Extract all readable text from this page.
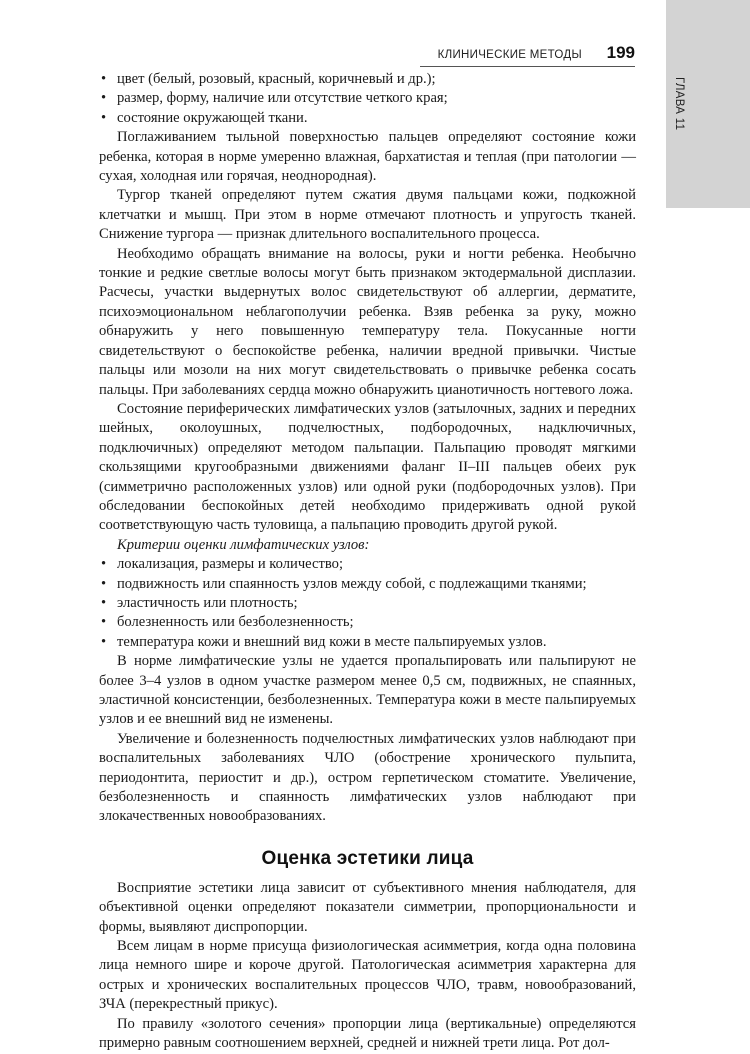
ГЛАВА 11
КЛИНИЧЕСКИЕ МЕТОДЫ 199
• цвет (белый, розовый, красный, коричневый и др.);
• размер, форму, наличие или отсутствие четкого края;
• состояние окружающей ткани.

Поглаживанием тыльной поверхностью пальцев определяют состояние кожи ребенка, которая в норме умеренно влажная, бархатистая и теплая (при патологии — сухая, холодная или горячая, неоднородная).

Тургор тканей определяют путем сжатия двумя пальцами кожи, подкожной клетчатки и мышц. При этом в норме отмечают плотность и упругость тканей. Снижение тургора — признак длительного воспалительного процесса.

Необходимо обращать внимание на волосы, руки и ногти ребенка. Необычно тонкие и редкие светлые волосы могут быть признаком эктодермальной дисплазии. Расчесы, участки выдернутых волос свидетельствуют об аллергии, дерматите, психоэмоциональном неблагополучии ребенка. Взяв ребенка за руку, можно обнаружить у него повышенную температуру тела. Покусанные ногти свидетельствуют о беспокойстве ребенка, наличии вредной привычки. Чистые пальцы или мозоли на них могут свидетельствовать о привычке ребенка сосать пальцы. При заболеваниях сердца можно обнаружить цианотичность ногтевого ложа.

Состояние периферических лимфатических узлов (затылочных, задних и передних шейных, околоушных, подчелюстных, подбородочных, надключичных, подключичных) определяют методом пальпации. Пальпацию проводят мягкими скользящими кругообразными движениями фаланг II–III пальцев обеих рук (симметрично расположенных узлов) или одной руки (подбородочных узлов). При обследовании беспокойных детей необходимо придерживать одной рукой соответствующую часть туловища, а пальпацию проводить другой рукой.

Критерии оценки лимфатических узлов:

• локализация, размеры и количество;
• подвижность или спаянность узлов между собой, с подлежащими тканями;
• эластичность или плотность;
• болезненность или безболезненность;
• температура кожи и внешний вид кожи в месте пальпируемых узлов.

В норме лимфатические узлы не удается пропальпировать или пальпируют не более 3–4 узлов в одном участке размером менее 0,5 см, подвижных, не спаянных, эластичной консистенции, безболезненных. Температура кожи в месте пальпируемых узлов и ее внешний вид не изменены.

Увеличение и болезненность подчелюстных лимфатических узлов наблюдают при воспалительных заболеваниях ЧЛО (обострение хронического пульпита, периодонтита, периостит и др.), остром герпетическом стоматите. Увеличение, безболезненность и спаянность лимфатических узлов наблюдают при злокачественных новообразованиях.

Оценка эстетики лица

Восприятие эстетики лица зависит от субъективного мнения наблюдателя, для объективной оценки определяют показатели симметрии, пропорциональности и формы, выявляют диспропорции.

Всем лицам в норме присуща физиологическая асимметрия, когда одна половина лица немного шире и короче другой. Патологическая асимметрия характерна для острых и хронических воспалительных процессов ЧЛО, травм, новообразований, ЗЧА (перекрестный прикус).

По правилу «золотого сечения» пропорции лица (вертикальные) определяются примерно равным соотношением верхней, средней и нижней трети лица. Рот дол-
